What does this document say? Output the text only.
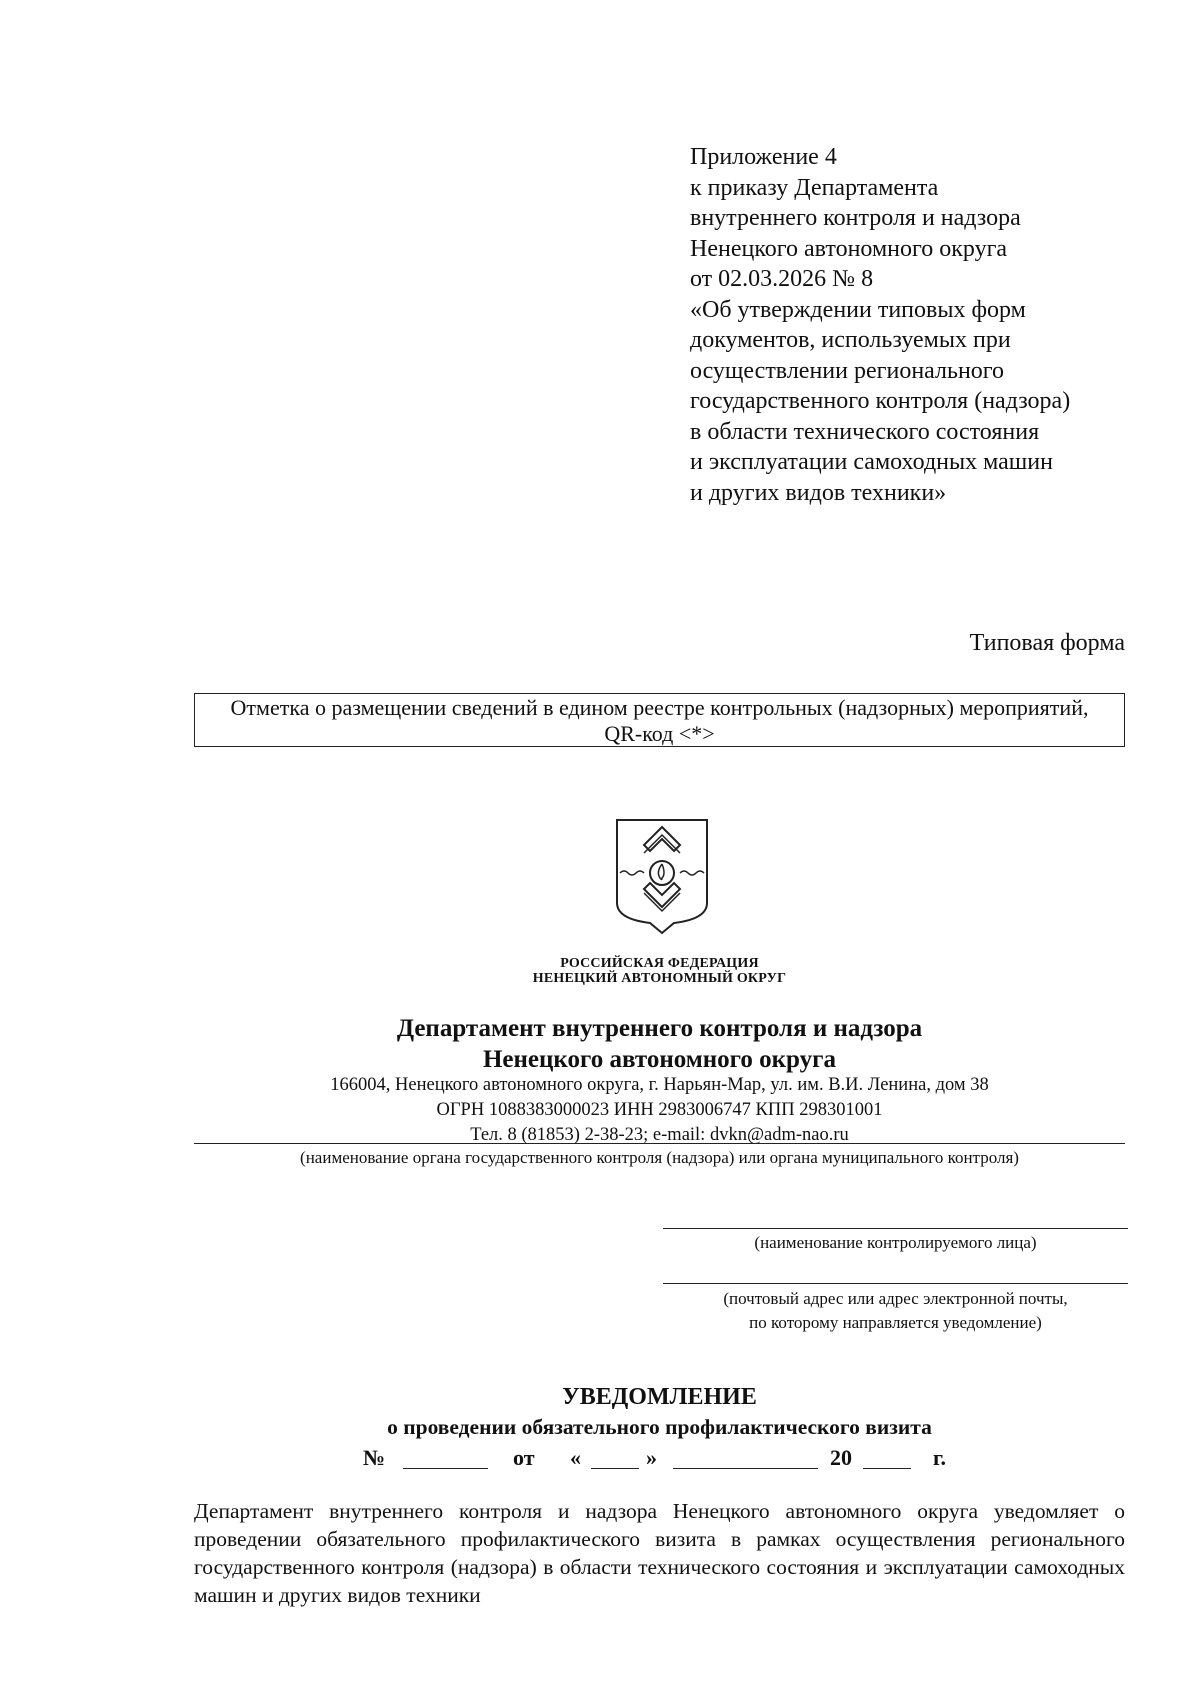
Приложение 4
к приказу Департамента
внутреннего контроля и надзора
Ненецкого автономного округа
от 02.03.2026 № 8
«Об утверждении типовых форм
документов, используемых при
осуществлении регионального
государственного контроля (надзора)
в области технического состояния
и эксплуатации самоходных машин
и других видов техники»
Типовая форма
Отметка о размещении сведений в едином реестре контрольных (надзорных) мероприятий,
QR-код <*>
РОССИЙСКАЯ ФЕДЕРАЦИЯ
НЕНЕЦКИЙ АВТОНОМНЫЙ ОКРУГ
Департамент внутреннего контроля и надзора
Ненецкого автономного округа
166004, Ненецкого автономного округа, г. Нарьян-Мар, ул. им. В.И. Ленина, дом 38
ОГРН 1088383000023 ИНН 2983006747 КПП 298301001
Тел. 8 (81853) 2-38-23; e-mail: dvkn@adm-nao.ru
(наименование органа государственного контроля (надзора) или органа муниципального контроля)
(наименование контролируемого лица)
(почтовый адрес или адрес электронной почты,
по которому направляется уведомление)
УВЕДОМЛЕНИЕ
о проведении обязательного профилактического визита
№	от «	»	20	г.
Департамент внутреннего контроля и надзора Ненецкого автономного округа уведомляет о проведении обязательного профилактического визита в рамках осуществления регионального государственного контроля (надзора) в области технического состояния и эксплуатации самоходных машин и других видов техники
